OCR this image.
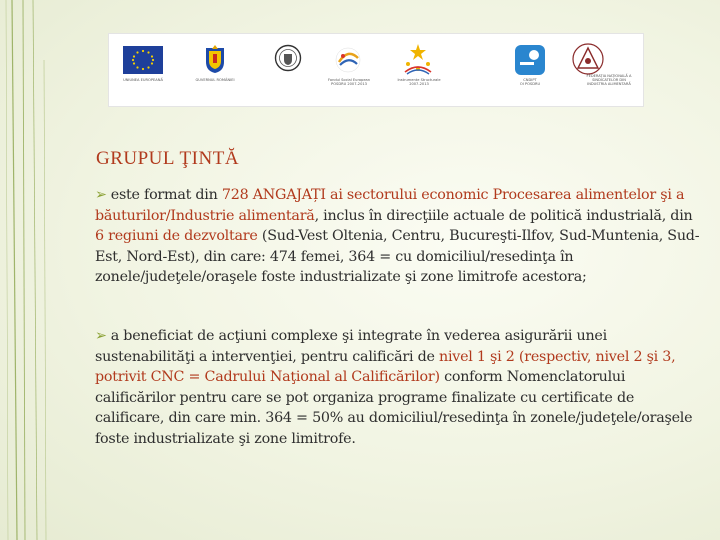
UNIUNEA EUROPEANĂ	GUVERNUL ROMÂNIEI	Fondul Social European
POSDRU 2007-2013
Instrumente Structurale
2007-2013
CNDIPT
OI POSDRU
FEDERAȚIA NAȚIONALĂ A
SINDICATELOR DIN
INDUSTRIA ALIMENTARĂ
GRUPUL ŢINTĂ

➢ este format din 728 ANGAJAȚI ai sectorului economic Procesarea alimentelor şi a băuturilor/Industrie alimentară, inclus în direcţiile actuale de politică industrială, din 6 regiuni de dezvoltare (Sud-Vest Oltenia, Centru, Bucureşti-Ilfov, Sud-Muntenia, Sud-Est, Nord-Est), din care: 474 femei, 364 = cu domiciliul/resedinţa în zonele/judeţele/oraşele foste industrializate şi zone limitrofe acestora;

➢ a beneficiat de acţiuni complexe şi integrate în vederea asigurării unei sustenabilităţi a intervenţiei, pentru calificări de nivel 1 şi 2 (respectiv, nivel 2 şi 3, potrivit CNC = Cadrului Naţional al Calificărilor) conform Nomenclatorului calificărilor pentru care se pot organiza programe finalizate cu certificate de calificare, din care min. 364 = 50% au domiciliul/resedinţa în zonele/judeţele/oraşele foste industrializate şi zone limitrofe.
